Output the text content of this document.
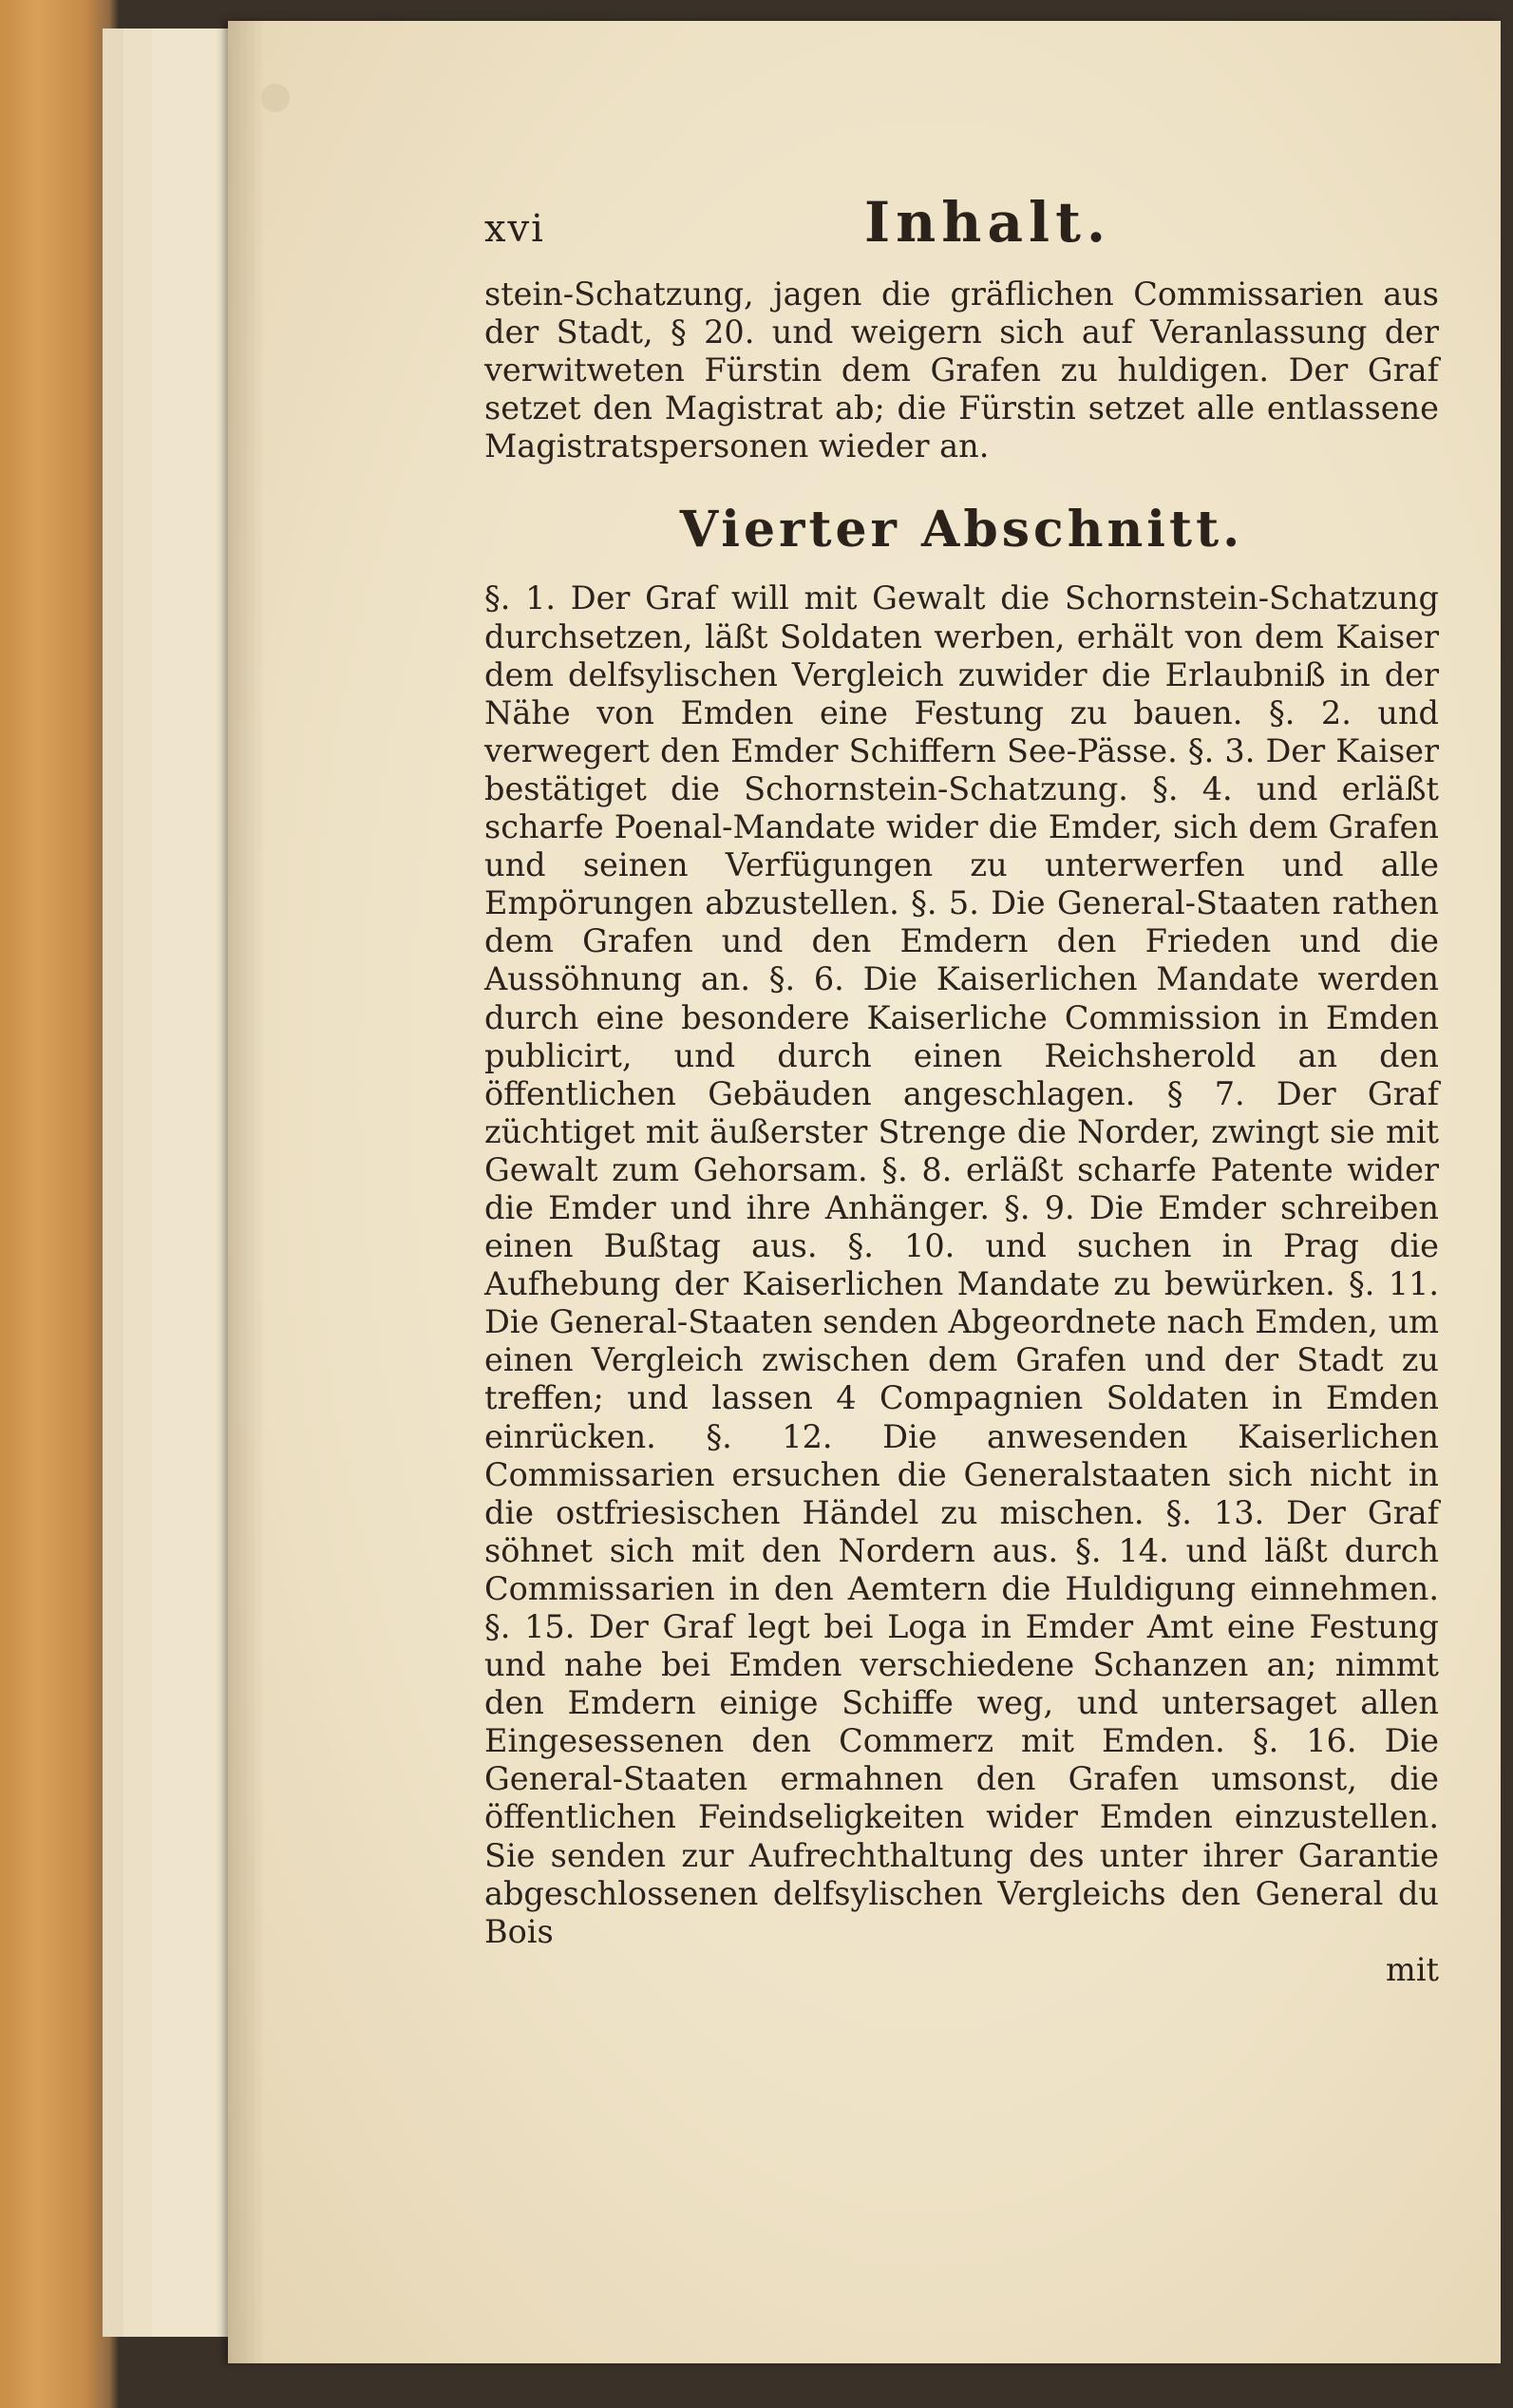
xvi	Inhalt.

stein-Schatzung, jagen die gräflichen Commissarien aus der Stadt, § 20. und weigern sich auf Veranlassung der verwitweten Fürstin dem Grafen zu huldigen. Der Graf setzet den Magistrat ab; die Fürstin setzet alle entlassene Magistratspersonen wieder an.

Vierter Abschnitt.

§. 1. Der Graf will mit Gewalt die Schornstein-Schatzung durchsetzen, läßt Soldaten werben, erhält von dem Kaiser dem delfsylischen Vergleich zuwider die Erlaubniß in der Nähe von Emden eine Festung zu bauen. §. 2. und verwegert den Emder Schiffern See-Pässe. §. 3. Der Kaiser bestätiget die Schornstein-Schatzung. §. 4. und erläßt scharfe Poenal-Mandate wider die Emder, sich dem Grafen und seinen Verfügungen zu unterwerfen und alle Empörungen abzustellen. §. 5. Die General-Staaten rathen dem Grafen und den Emdern den Frieden und die Aussöhnung an. §. 6. Die Kaiserlichen Mandate werden durch eine besondere Kaiserliche Commission in Emden publicirt, und durch einen Reichsherold an den öffentlichen Gebäuden angeschlagen. § 7. Der Graf züchtiget mit äußerster Strenge die Norder, zwingt sie mit Gewalt zum Gehorsam. §. 8. erläßt scharfe Patente wider die Emder und ihre Anhänger. §. 9. Die Emder schreiben einen Bußtag aus. §. 10. und suchen in Prag die Aufhebung der Kaiserlichen Mandate zu bewürken. §. 11. Die General-Staaten senden Abgeordnete nach Emden, um einen Vergleich zwischen dem Grafen und der Stadt zu treffen; und lassen 4 Compagnien Soldaten in Emden einrücken. §. 12. Die anwesenden Kaiserlichen Commissarien ersuchen die Generalstaaten sich nicht in die ostfriesischen Händel zu mischen. §. 13. Der Graf söhnet sich mit den Nordern aus. §. 14. und läßt durch Commissarien in den Aemtern die Huldigung einnehmen. §. 15. Der Graf legt bei Loga in Emder Amt eine Festung und nahe bei Emden verschiedene Schanzen an; nimmt den Emdern einige Schiffe weg, und untersaget allen Eingesessenen den Commerz mit Emden. §. 16. Die General-Staaten ermahnen den Grafen umsonst, die öffentlichen Feindseligkeiten wider Emden einzustellen. Sie senden zur Aufrechthaltung des unter ihrer Garantie abgeschlossenen delfsylischen Vergleichs den General du Bois

mit
